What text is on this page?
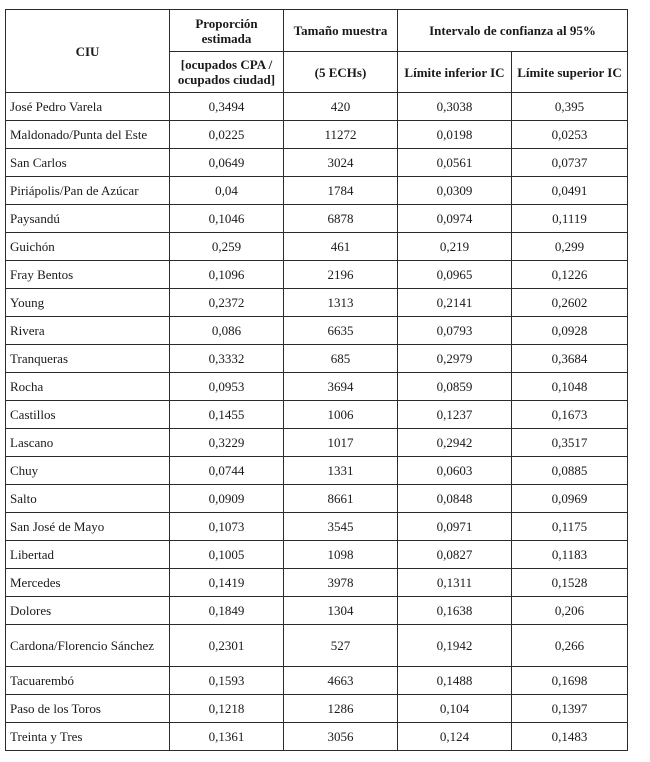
CIU	Proporción estimada	Tamaño muestra	Intervalo de confianza al 95%	
	[ocupados CPA / ocupados ciudad]	(5 ECHs)	Límite inferior IC	Límite superior IC
José Pedro Varela	0,3494	420	0,3038	0,395
Maldonado/Punta del Este	0,0225	11272	0,0198	0,0253
San Carlos	0,0649	3024	0,0561	0,0737
Piriápolis/Pan de Azúcar	0,04	1784	0,0309	0,0491
Paysandú	0,1046	6878	0,0974	0,1119
Guichón	0,259	461	0,219	0,299
Fray Bentos	0,1096	2196	0,0965	0,1226
Young	0,2372	1313	0,2141	0,2602
Rivera	0,086	6635	0,0793	0,0928
Tranqueras	0,3332	685	0,2979	0,3684
Rocha	0,0953	3694	0,0859	0,1048
Castillos	0,1455	1006	0,1237	0,1673
Lascano	0,3229	1017	0,2942	0,3517
Chuy	0,0744	1331	0,0603	0,0885
Salto	0,0909	8661	0,0848	0,0969
San José de Mayo	0,1073	3545	0,0971	0,1175
Libertad	0,1005	1098	0,0827	0,1183
Mercedes	0,1419	3978	0,1311	0,1528
Dolores	0,1849	1304	0,1638	0,206
Cardona/Florencio Sánchez	0,2301	527	0,1942	0,266
Tacuarembó	0,1593	4663	0,1488	0,1698
Paso de los Toros	0,1218	1286	0,104	0,1397
Treinta y Tres	0,1361	3056	0,124	0,1483
